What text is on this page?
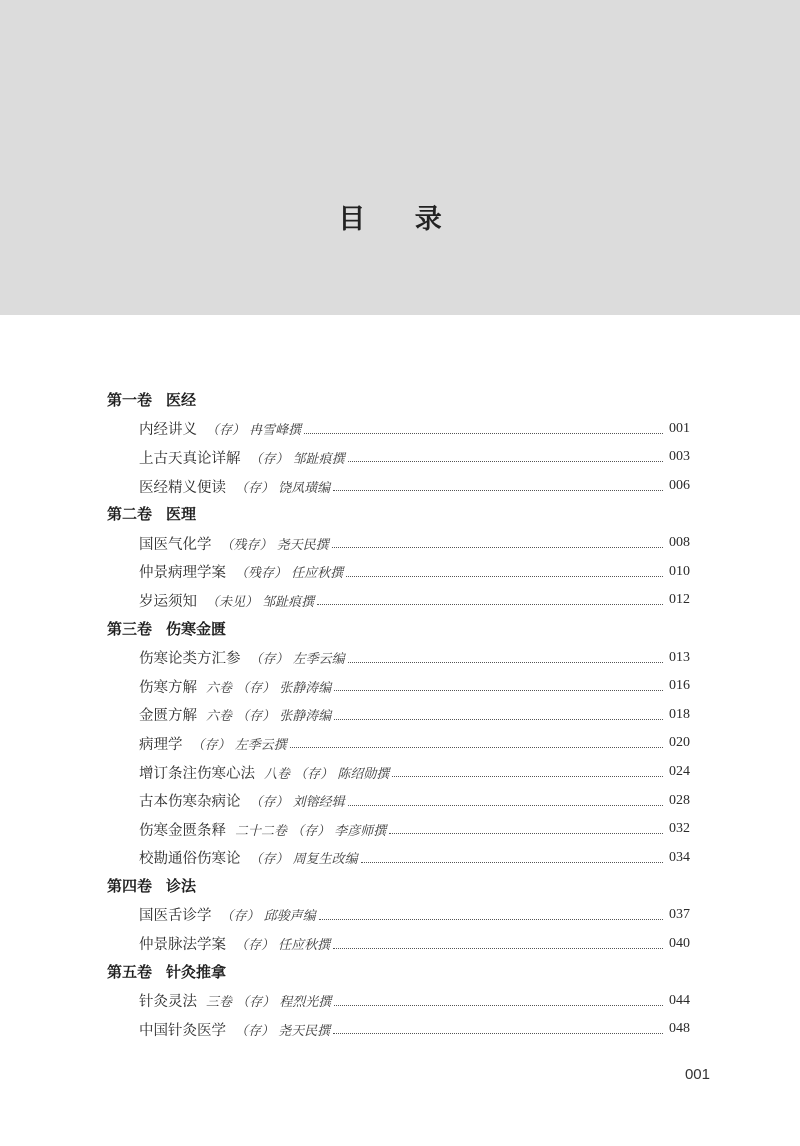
目 录
第一卷 医经
内经讲义 （存） 冉雪峰撰	001
上古天真论详解 （存） 邹趾痕撰	003
医经精义便读 （存） 饶凤璜编	006
第二卷 医理
国医气化学 （残存） 尧天民撰	008
仲景病理学案 （残存） 任应秋撰	010
岁运须知 （未见） 邹趾痕撰	012
第三卷 伤寒金匮
伤寒论类方汇参 （存） 左季云编	013
伤寒方解 六卷 （存） 张静涛编	016
金匮方解 六卷 （存） 张静涛编	018
病理学 （存） 左季云撰	020
增订条注伤寒心法 八卷 （存） 陈绍勋撰	024
古本伤寒杂病论 （存） 刘镕经辑	028
伤寒金匮条释 二十二卷 （存） 李彦师撰	032
校勘通俗伤寒论 （存） 周复生改编	034
第四卷 诊法
国医舌诊学 （存） 邱骏声编	037
仲景脉法学案 （存） 任应秋撰	040
第五卷 针灸推拿
针灸灵法 三卷 （存） 程烈光撰	044
中国针灸医学 （存） 尧天民撰	048
001
